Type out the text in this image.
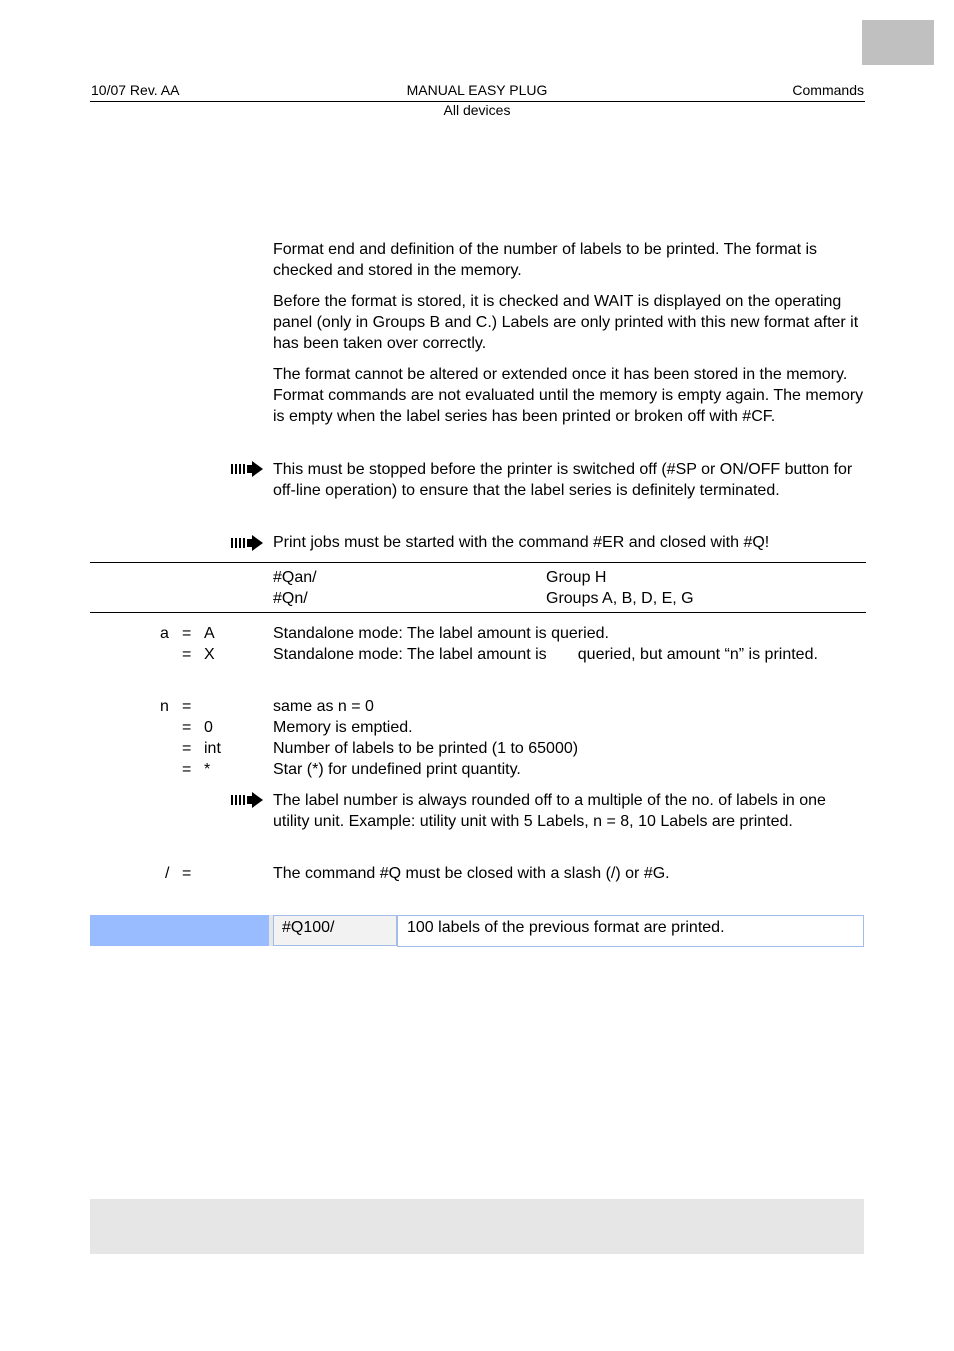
10/07 Rev. AA	MANUAL EASY PLUG	Commands
All devices
Format end and definition of the number of labels to be printed. The format is checked and stored in the memory.
Before the format is stored, it is checked and WAIT is displayed on the operating panel (only in Groups B and C.) Labels are only printed with this new format after it has been taken over correctly.
The format cannot be altered or extended once it has been stored in the memory. Format commands are not evaluated until the memory is empty again. The memory is empty when the label series has been printed or broken off with #CF.
This must be stopped before the printer is switched off (#SP or ON/OFF button for off-line operation) to ensure that the label series is definitely terminated.
Print jobs must be started with the command #ER and closed with #Q!
#Qan/	Group H
#Qn/	Groups A, B, D, E, G
a = A	Standalone mode: The label amount is queried.
= X	Standalone mode: The label amount is       queried, but amount “n” is printed.
n =	same as n = 0
= 0	Memory is emptied.
= int	Number of labels to be printed (1 to 65000)
= *	Star (*) for undefined print quantity.
The label number is always rounded off to a multiple of the no. of labels in one utility unit. Example: utility unit with 5 Labels, n = 8, 10 Labels are printed.
/ =	The command #Q must be closed with a slash (/) or #G.
#Q100/	100 labels of the previous format are printed.
